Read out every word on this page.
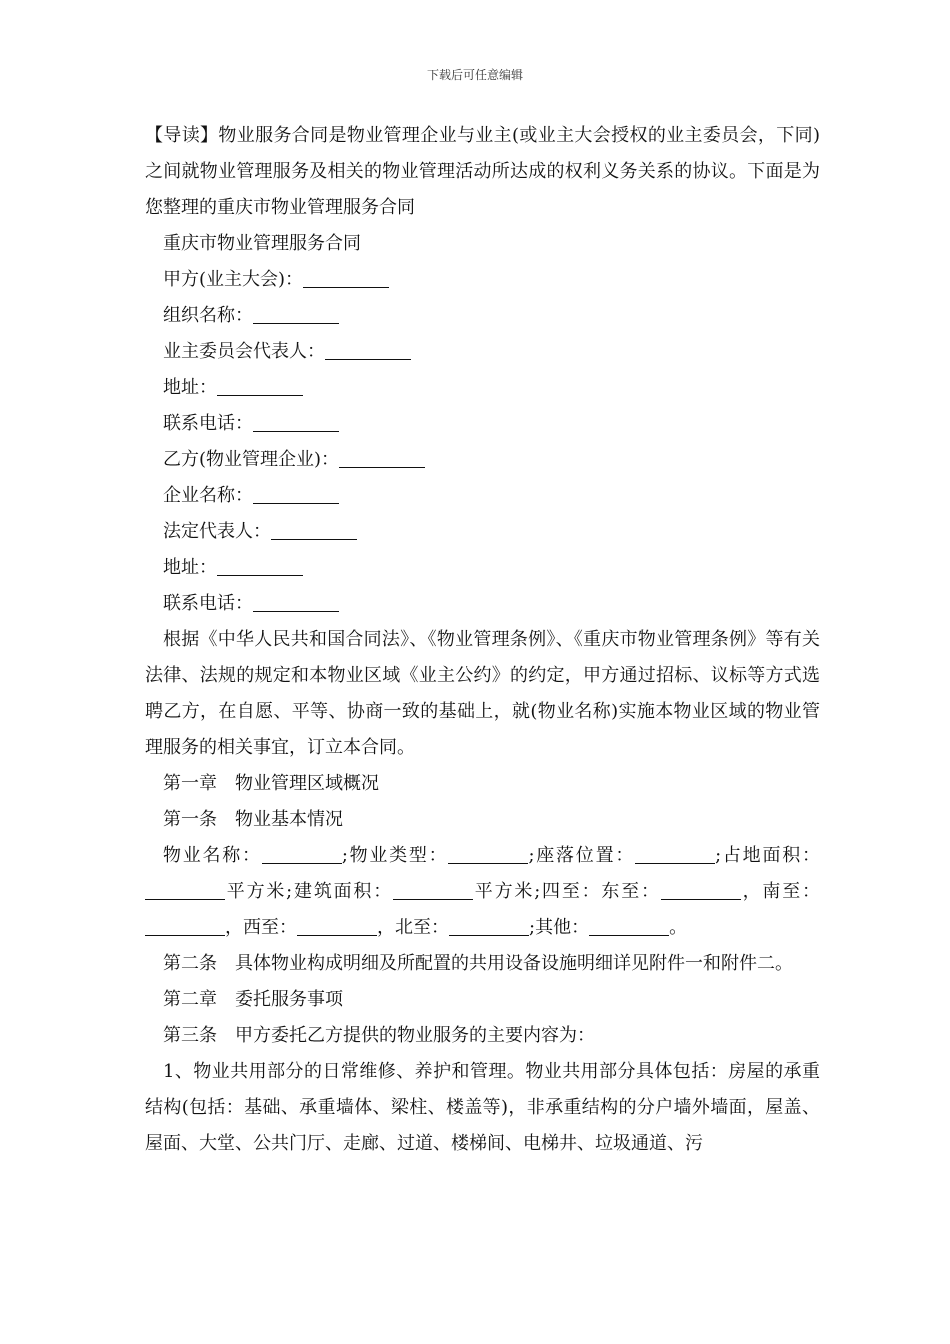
下载后可任意编辑

【导读】物业服务合同是物业管理企业与业主(或业主大会授权的业主委员会，下同)之间就物业管理服务及相关的物业管理活动所达成的权利义务关系的协议。下面是为您整理的重庆市物业管理服务合同

重庆市物业管理服务合同

甲方(业主大会)：

组织名称：

业主委员会代表人：

地址：

联系电话：

乙方(物业管理企业)：

企业名称：

法定代表人：

地址：

联系电话：

根据《中华人民共和国合同法》、《物业管理条例》、《重庆市物业管理条例》等有关法律、法规的规定和本物业区域《业主公约》的约定，甲方通过招标、议标等方式选聘乙方，在自愿、平等、协商一致的基础上，就(物业名称)实施本物业区域的物业管理服务的相关事宜，订立本合同。

第一章　物业管理区域概况

第一条　物业基本情况

物业名称：	;物业类型：	;座落位置：	;占地面积：平方米;建筑面积：	平方米;四至：东至：	，南至：，西至：	，北至：	;其他：	。

第二条　具体物业构成明细及所配置的共用设备设施明细详见附件一和附件二。

第二章　委托服务事项

第三条　甲方委托乙方提供的物业服务的主要内容为：

1、物业共用部分的日常维修、养护和管理。物业共用部分具体包括：房屋的承重结构(包括：基础、承重墙体、梁柱、楼盖等)，非承重结构的分户墙外墙面，屋盖、屋面、大堂、公共门厅、走廊、过道、楼梯间、电梯井、垃圾通道、污
